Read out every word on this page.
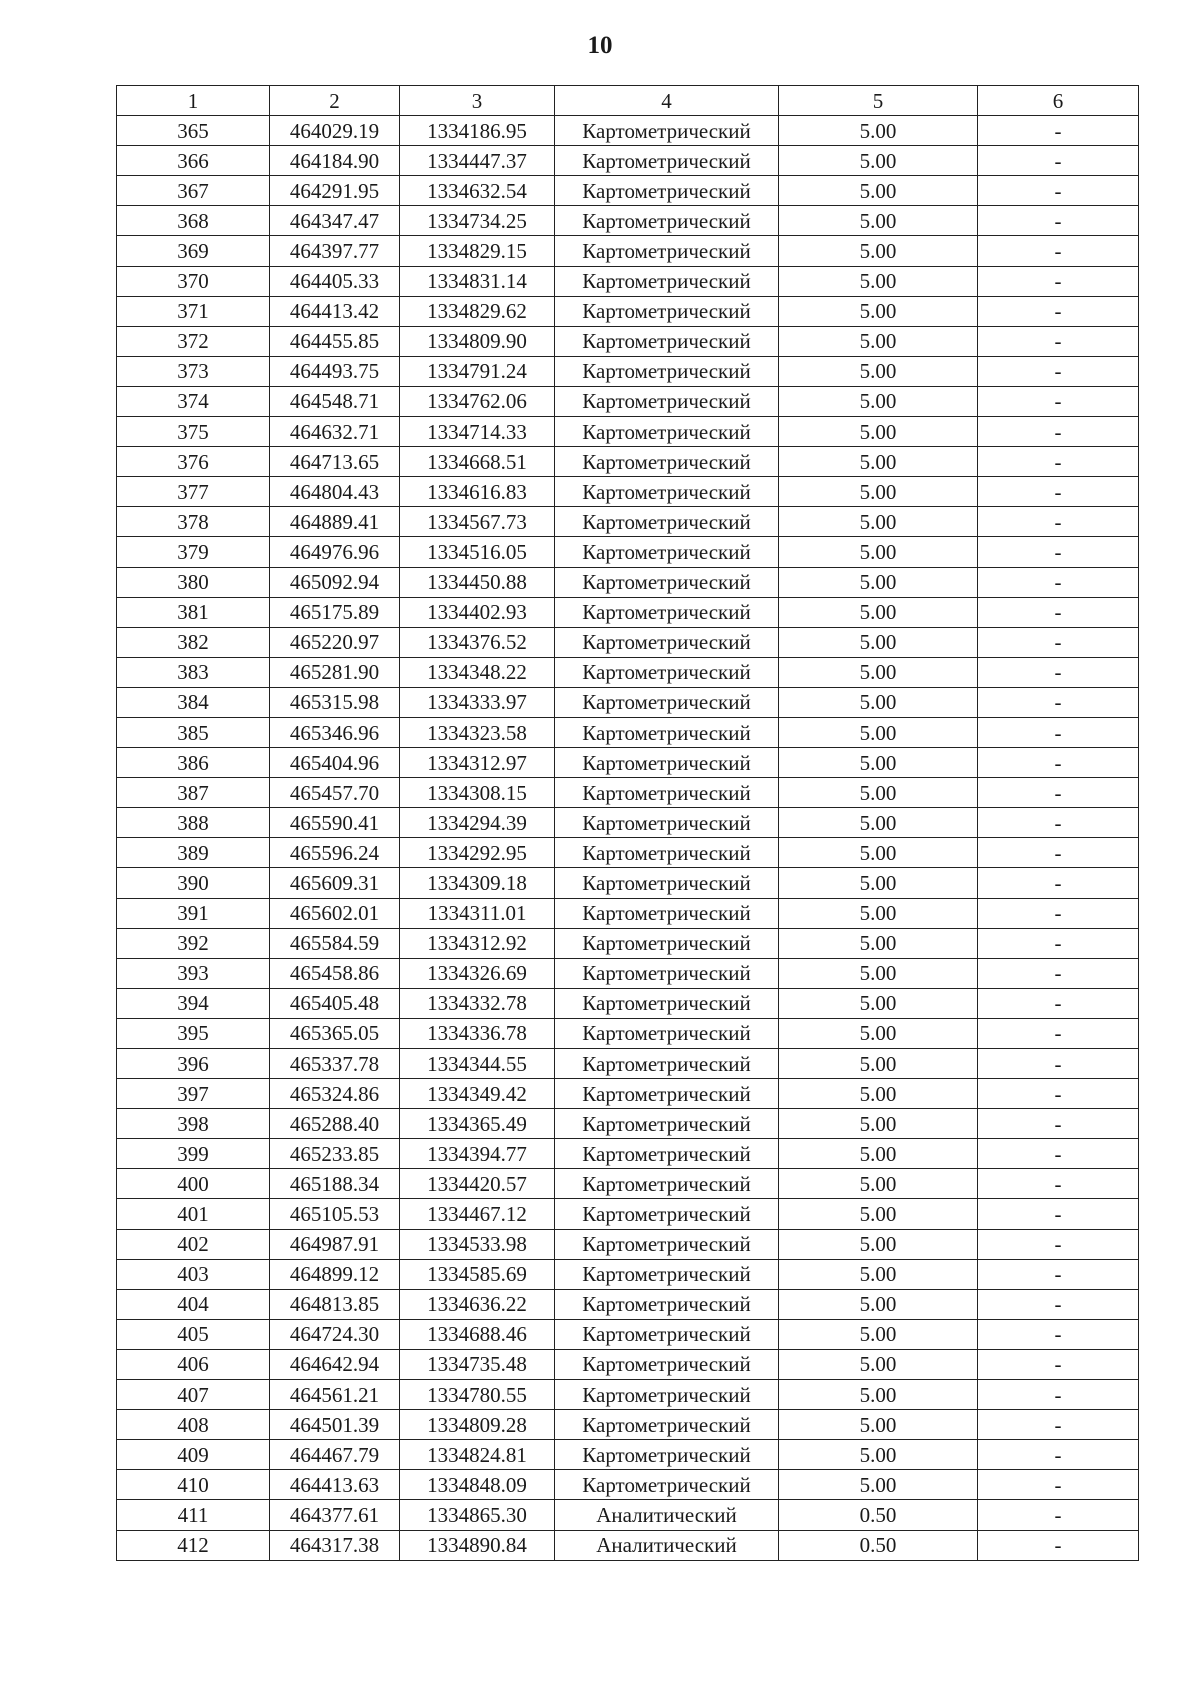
10
1	2	3	4	5	6
365	464029.19	1334186.95	Картометрический	5.00	-
366	464184.90	1334447.37	Картометрический	5.00	-
367	464291.95	1334632.54	Картометрический	5.00	-
368	464347.47	1334734.25	Картометрический	5.00	-
369	464397.77	1334829.15	Картометрический	5.00	-
370	464405.33	1334831.14	Картометрический	5.00	-
371	464413.42	1334829.62	Картометрический	5.00	-
372	464455.85	1334809.90	Картометрический	5.00	-
373	464493.75	1334791.24	Картометрический	5.00	-
374	464548.71	1334762.06	Картометрический	5.00	-
375	464632.71	1334714.33	Картометрический	5.00	-
376	464713.65	1334668.51	Картометрический	5.00	-
377	464804.43	1334616.83	Картометрический	5.00	-
378	464889.41	1334567.73	Картометрический	5.00	-
379	464976.96	1334516.05	Картометрический	5.00	-
380	465092.94	1334450.88	Картометрический	5.00	-
381	465175.89	1334402.93	Картометрический	5.00	-
382	465220.97	1334376.52	Картометрический	5.00	-
383	465281.90	1334348.22	Картометрический	5.00	-
384	465315.98	1334333.97	Картометрический	5.00	-
385	465346.96	1334323.58	Картометрический	5.00	-
386	465404.96	1334312.97	Картометрический	5.00	-
387	465457.70	1334308.15	Картометрический	5.00	-
388	465590.41	1334294.39	Картометрический	5.00	-
389	465596.24	1334292.95	Картометрический	5.00	-
390	465609.31	1334309.18	Картометрический	5.00	-
391	465602.01	1334311.01	Картометрический	5.00	-
392	465584.59	1334312.92	Картометрический	5.00	-
393	465458.86	1334326.69	Картометрический	5.00	-
394	465405.48	1334332.78	Картометрический	5.00	-
395	465365.05	1334336.78	Картометрический	5.00	-
396	465337.78	1334344.55	Картометрический	5.00	-
397	465324.86	1334349.42	Картометрический	5.00	-
398	465288.40	1334365.49	Картометрический	5.00	-
399	465233.85	1334394.77	Картометрический	5.00	-
400	465188.34	1334420.57	Картометрический	5.00	-
401	465105.53	1334467.12	Картометрический	5.00	-
402	464987.91	1334533.98	Картометрический	5.00	-
403	464899.12	1334585.69	Картометрический	5.00	-
404	464813.85	1334636.22	Картометрический	5.00	-
405	464724.30	1334688.46	Картометрический	5.00	-
406	464642.94	1334735.48	Картометрический	5.00	-
407	464561.21	1334780.55	Картометрический	5.00	-
408	464501.39	1334809.28	Картометрический	5.00	-
409	464467.79	1334824.81	Картометрический	5.00	-
410	464413.63	1334848.09	Картометрический	5.00	-
411	464377.61	1334865.30	Аналитический	0.50	-
412	464317.38	1334890.84	Аналитический	0.50	-
